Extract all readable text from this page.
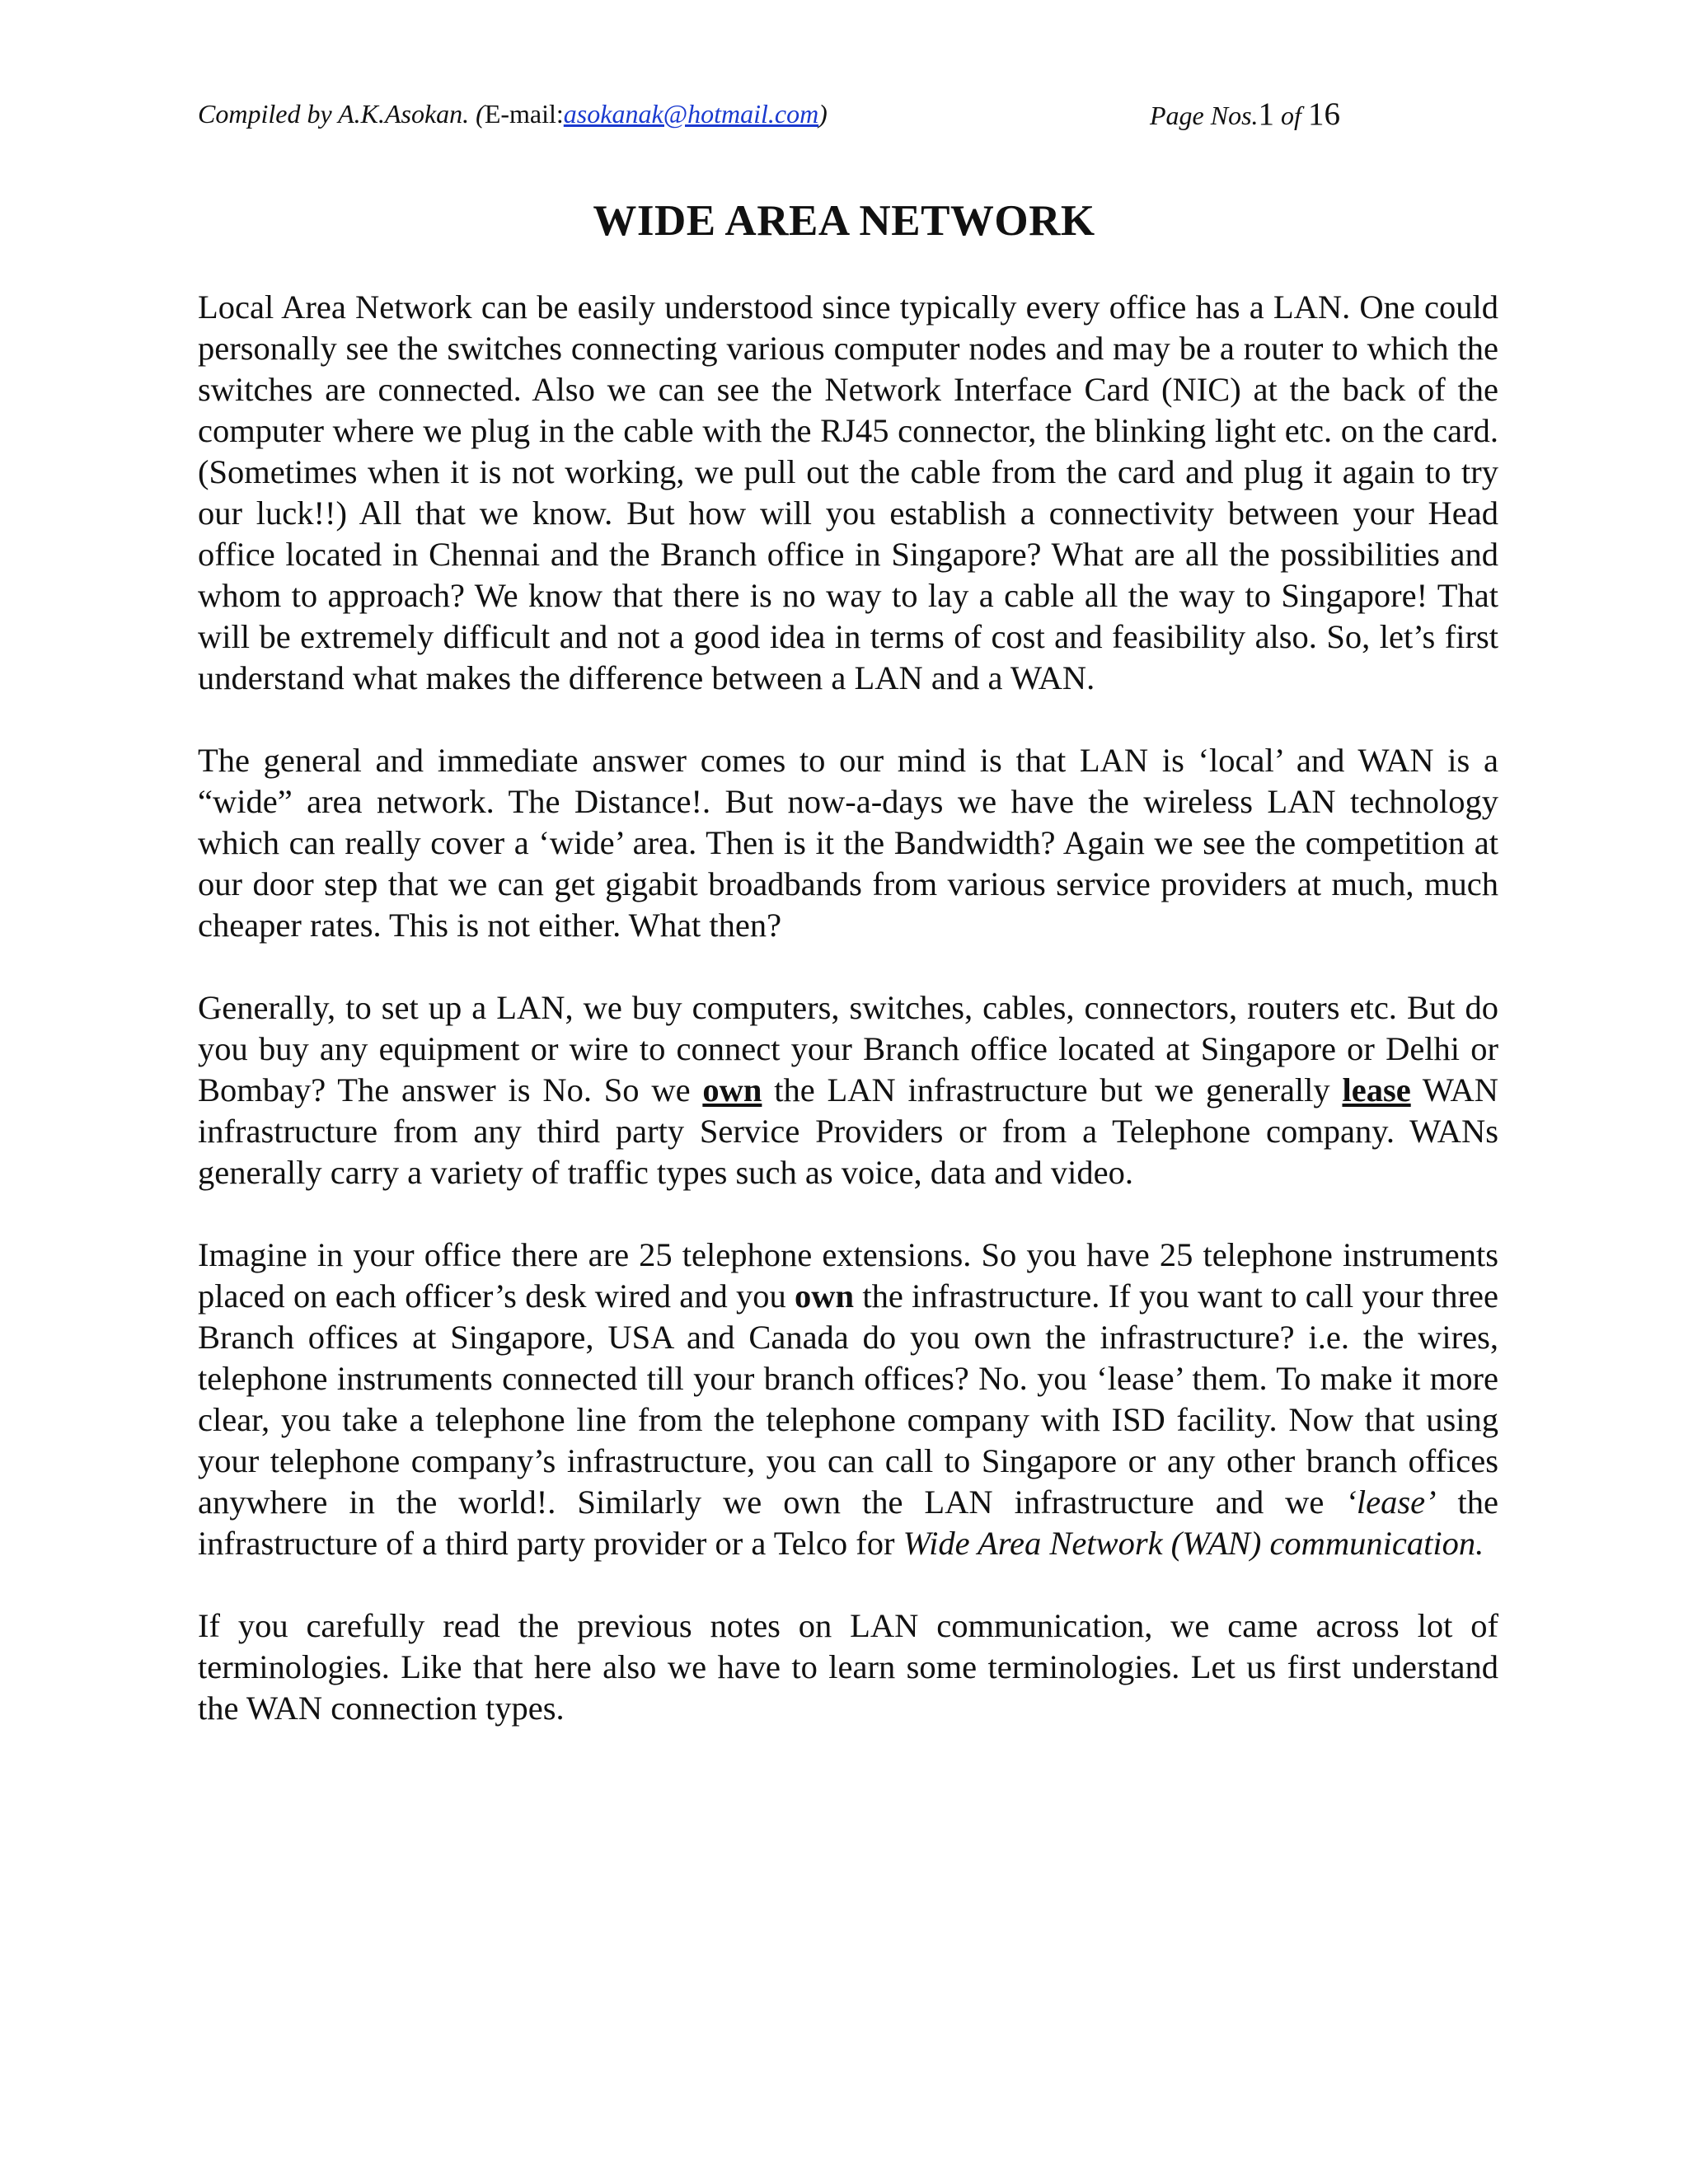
Compiled by A.K.Asokan. (E-mail:asokanak@hotmail.com)	Page Nos.1 of 16
WIDE AREA NETWORK

Local Area Network can be easily understood since typically every office has a LAN. One could personally see the switches connecting various computer nodes and may be a router to which the switches are connected. Also we can see the Network Interface Card (NIC) at the back of the computer where we plug in the cable with the RJ45 connector, the blinking light etc. on the card. (Sometimes when it is not working, we pull out the cable from the card and plug it again to try our luck!!) All that we know. But how will you establish a connectivity between your Head office located in Chennai and the Branch office in Singapore? What are all the possibilities and whom to approach? We know that there is no way to lay a cable all the way to Singapore! That will be extremely difficult and not a good idea in terms of cost and feasibility also. So, let’s first understand what makes the difference between a LAN and a WAN.

The general and immediate answer comes to our mind is that LAN is ‘local’ and WAN is a “wide” area network. The Distance!. But now-a-days we have the wireless LAN technology which can really cover a ‘wide’ area. Then is it the Bandwidth? Again we see the competition at our door step that we can get gigabit broadbands from various service providers at much, much cheaper rates. This is not either. What then?

Generally, to set up a LAN, we buy computers, switches, cables, connectors, routers etc. But do you buy any equipment or wire to connect your Branch office located at Singapore or Delhi or Bombay? The answer is No. So we own the LAN infrastructure but we generally lease WAN infrastructure from any third party Service Providers or from a Telephone company. WANs generally carry a variety of traffic types such as voice, data and video.

Imagine in your office there are 25 telephone extensions. So you have 25 telephone instruments placed on each officer’s desk wired and you own the infrastructure. If you want to call your three Branch offices at Singapore, USA and Canada do you own the infrastructure? i.e. the wires, telephone instruments connected till your branch offices? No. you ‘lease’ them. To make it more clear, you take a telephone line from the telephone company with ISD facility. Now that using your telephone company’s infrastructure, you can call to Singapore or any other branch offices anywhere in the world!. Similarly we own the LAN infrastructure and we ‘lease’ the infrastructure of a third party provider or a Telco for Wide Area Network (WAN) communication.

If you carefully read the previous notes on LAN communication, we came across lot of terminologies. Like that here also we have to learn some terminologies. Let us first understand the WAN connection types.
